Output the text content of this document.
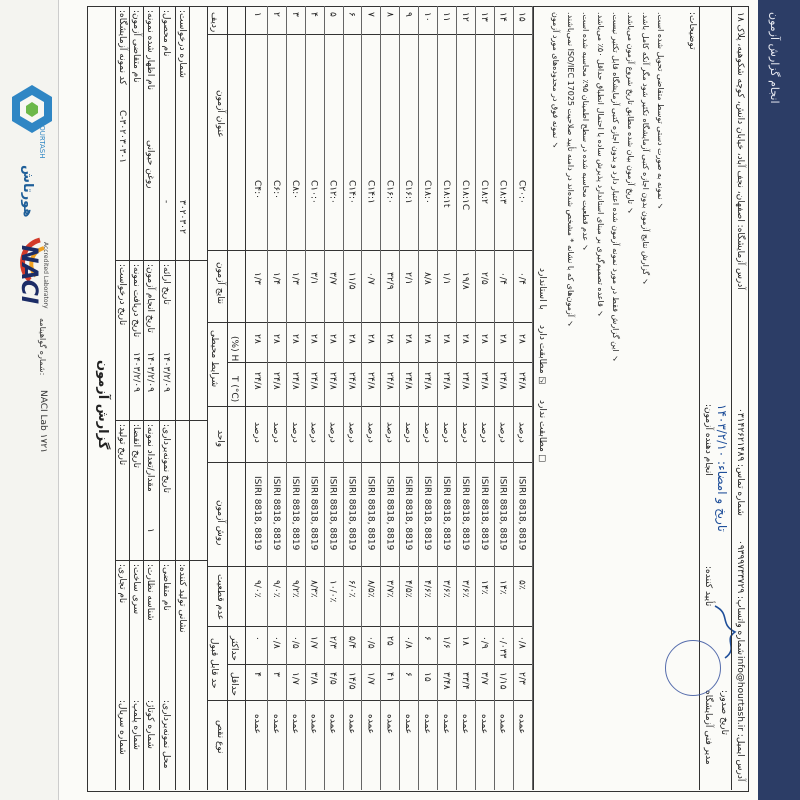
هورتاش
HOURTASH
NACI Accredited Laboratory
NACI Lab ۱۷۲۱
شماره گواهینامه:	گزارش آزمون
کد نمونه آزمایشگاه:
۳۰۲۰۳۰۳۰۱-C
تاریخ درخواست:
تاریخ تولید:
نام تجاری:
شماره سریال:
نام متقاضی آزمون:
تاریخ دریافت نمونه:
۱۴۰۳/۲/۰۹
تاریخ انقضا:
سری ساخت:
شماره پلمپ:
نام اظهار شده نمونه:
روغن حیوانی
تاریخ انجام آزمون:
۱۴۰۳/۲/۰۹
مقدار/تعداد نمونه:
۱
شناسه نظارت:
شماره کوتاژ:
نام محصول:
-
تاریخ ارائه:
۱۴۰۳/۲/۰۹
تاریخ نمونه‌برداری:
نام متقاضی:
محل نمونه‌برداری:
شماره درخواست:
۳۰۲۰۳۰۲
نشانی تولید کننده:
ردیف
عنوان آزمون
نتایج آزمون
شرایط محیطی H (%)
T (°C)
واحد
روش آزمون
عدم قطعیت
حد قابل قبول حداکثر
حداقل
نوع نقص
۱
C۴:۰
۱/۳
۲۸
۲۴/۸
درصد
ISIRI 8818, 8819
۹/۰٪
۰
۴
عمده
۲
C۶:۰
۱/۴
۲۸
۲۴/۸
درصد
ISIRI 8818, 8819
۹/۰٪
۰/۸
۳
عمده
۳
C۸:۰
۱/۳
۲۸
۲۴/۸
درصد
ISIRI 8818, 8819
۹/۲٪
۰/۵
۱/۷
عمده
۴
C۱۰:۰
۳/۱
۲۸
۲۴/۸
درصد
ISIRI 8818, 8819
۸/۳٪
۱/۷
۳/۸
عمده
۵
C۱۲:۰
۳/۷
۲۸
۲۴/۸
درصد
ISIRI 8818, 8819
۱۰/۰٪
۲/۳
۴/۵
عمده
۶
C۱۴:۰
۱۱/۵
۲۸
۲۴/۸
درصد
ISIRI 8818, 8819
۶/۰٪
۵/۴
۱۴/۵
عمده
۷
C۱۴:۱
۰/۷
۲۸
۲۴/۸
درصد
ISIRI 8818, 8819
۸/۵٪
۰/۵
۱/۷
عمده
۸
C۱۶:۰
۳۲/۹
۲۸
۲۴/۸
درصد
ISIRI 8818, 8819
۳/۷٪
۲۵
۴۱
عمده
۹
C۱۶:۱
۲/۱
۲۸
۲۴/۸
درصد
ISIRI 8818, 8819
۴/۵٪
۰/۸
۶
عمده
۱۰
C۱۸:۰
۸/۸
۲۸
۲۴/۸
درصد
ISIRI 8818, 8819
۴/۶٪
۶
۱۵
عمده
۱۱
C۱۸:۱t
۱/۱
۲۸
۲۴/۸
درصد
ISIRI 8818, 8819
۳/۶٪
۱/۶
۳/۴۸
عمده
۱۲
C۱۸:۱C
۱۹/۸
۲۸
۲۴/۸
درصد
ISIRI 8818, 8819
۳/۶٪
۱۸
۳۳/۴
عمده
۱۳
C۱۸:۲
۲/۵
۲۸
۲۴/۸
درصد
ISIRI 8818, 8819
۱۴٪
۰/۹
۳/۷
عمده
۱۴
C۱۸:۳
۰/۴
۲۸
۲۴/۸
درصد
ISIRI 8818, 8819
۱۴٪
۰/۰۳۳
۱/۱۵
عمده
۱۵
C۲۰:۰
۰/۴
۲۸
۲۴/۸
درصد
ISIRI 8818, 8819
۵٪
۰/۸
۲/۳
عمده
با استاندارد
☑ مطابقت دارد
☐ مطابقت ندارد
✓ نمونه فوق در محدوده‌های مورد آزمون ✓ آزمون‌های که با نشانه * مشخص شده‌اند در دامنه تأیید صلاحیت ISO/IEC 17025 نمی‌باشند.
✓ عدم قطعیت محاسبه شده در سطح اطمینان ۹۵٪ محاسبه شده است.
✓ قاعده تصمیم‌گیری بر مبنای استاندارد پذیرش ساده با احتمال انطباق حداقل ۵۰٪ می‌باشد. ✓ این گزارش فقط در مورد نمونه آزمون شده اعتبار دارد و بدون اجازه کتبی آزمایشگاه قابل تکثیر نیست. ✓ تاریخ آزمون بیان شده مطابق تاریخ شروع آزمون می‌باشد. ✓ گزارش نتایج آزمون بدون اجازه کتبی آزمایشگاه تکثیر شود مگر آنکه کامل باشد. ✓ نمونه به صورت دستی توسط متقاضی تحویل شده است. توضیحات:
انجام دهنده آزمون:
تاریخ و امضاء: ۱۴۰۳/۲/۱۰
تأیید کننده:
مدیر فنی آزمایشگاه تاریخ صدور:
آدرس آزمایشگاه: اصفهان، نجف آباد، خیابان دانش، کوچه شکوهیه، پلاک ۱۸
شماره تماس: ۰۳۱۴۲۶۲۱۴۸۹
شماره واتساپ: ۰۹۳۹۹۷۳۳۷۲۹
آدرس ایمیل: info@hourtash.ir
انجام گزارش آزمون
